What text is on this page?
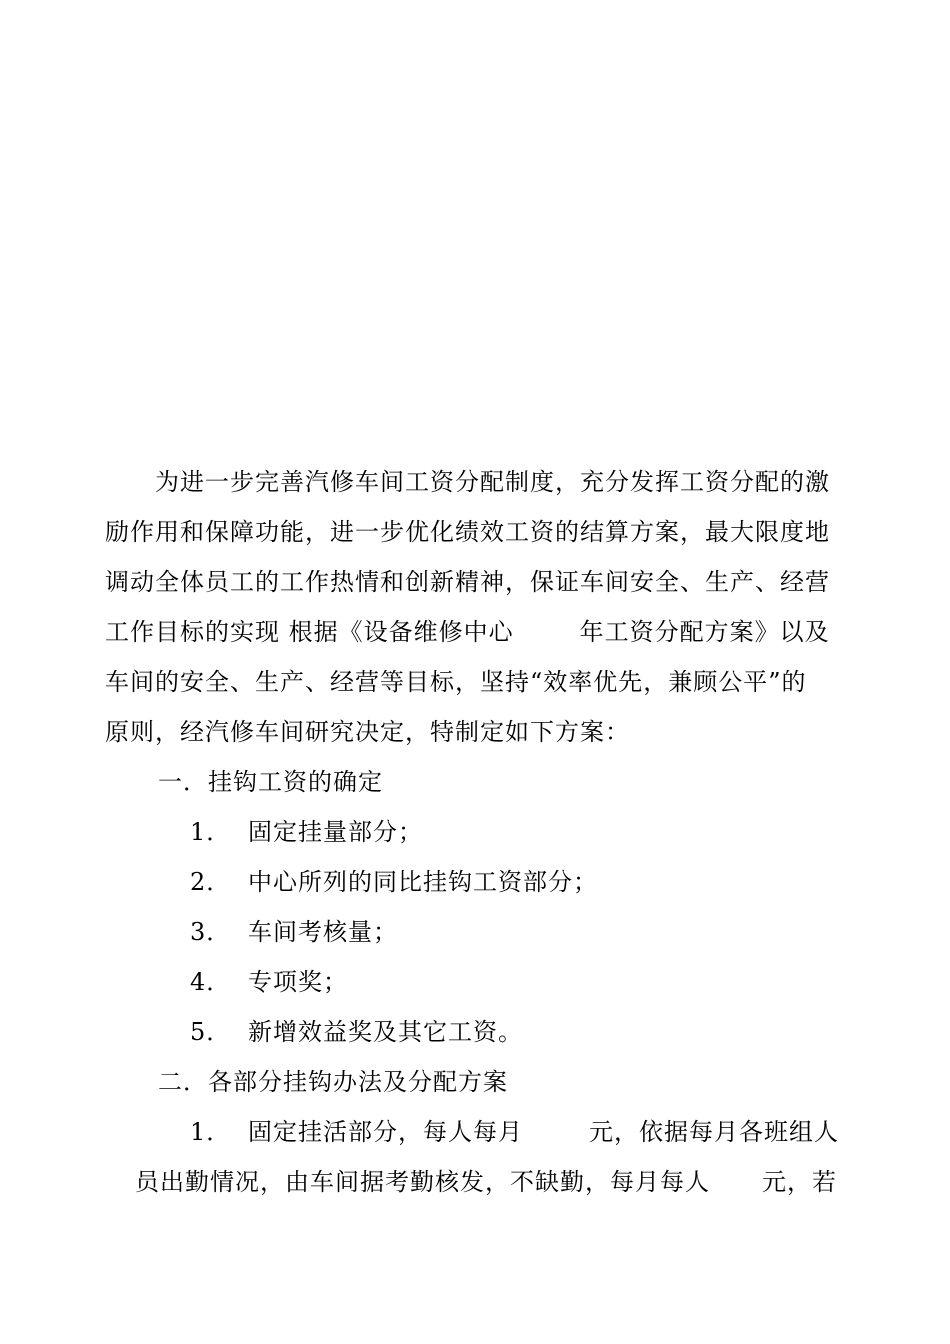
为进一步完善汽修车间工资分配制度，充分发挥工资分配的激
励作用和保障功能，进一步优化绩效工资的结算方案，最大限度地
调动全体员工的工作热情和创新精神，保证车间安全、生产、经营
工作目标的实现 根据《设备维修中心	年工资分配方案》以及
车间的安全、生产、经营等目标，坚持“效率优先，兼顾公平”的
原则，经汽修车间研究决定，特制定如下方案：
一．挂钩工资的确定
1． 固定挂量部分；
2． 中心所列的同比挂钩工资部分；
3． 车间考核量；
4． 专项奖；
5． 新增效益奖及其它工资。
二．各部分挂钩办法及分配方案
1． 固定挂活部分，每人每月	元，依据每月各班组人
员出勤情况，由车间据考勤核发，不缺勤，每月每人 元，若
